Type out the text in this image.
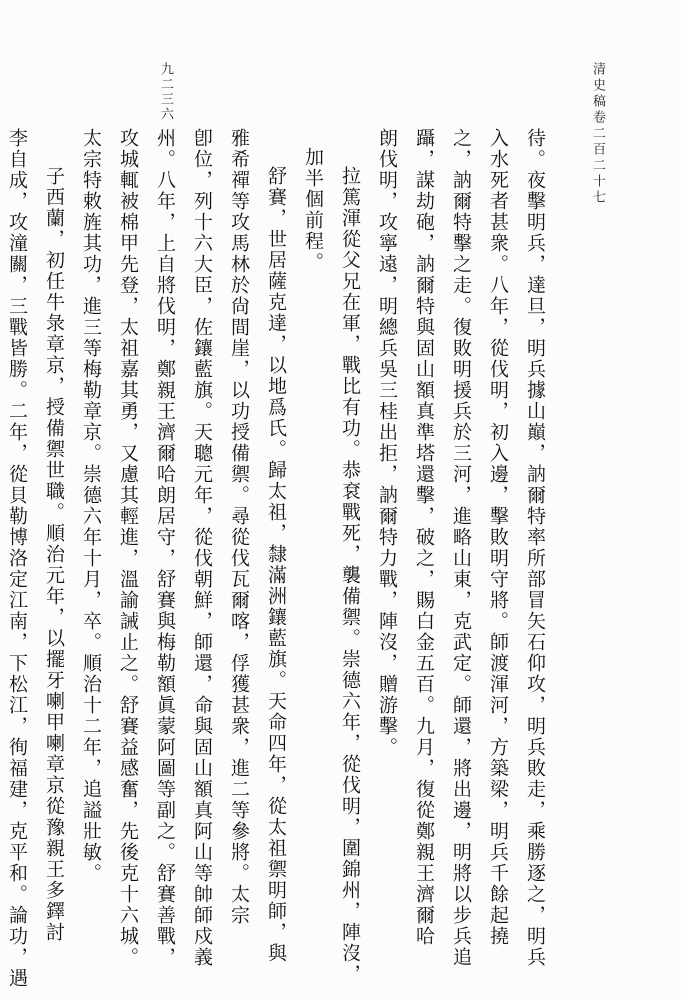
清史稿卷二百二十七
九二三六

待。夜擊明兵，達旦，明兵據山巔，訥爾特率所部冒矢石仰攻，明兵敗走，乘勝逐之，明兵

入水死者甚衆。八年，從伐明，初入邊，擊敗明守將。師渡渾河，方築梁，明兵千餘起撓

之，訥爾特擊之走。復敗明援兵於三河，進略山東，克武定。師還，將出邊，明將以步兵追

躡，謀劫砲，訥爾特與固山額真準塔還擊，破之，賜白金五百。九月，復從鄭親王濟爾哈

朗伐明，攻寧遠，明總兵吳三桂出拒，訥爾特力戰，陣沒，贈游擊。

拉篤渾從父兄在軍，戰比有功。恭袞戰死，襲備禦。崇德六年，從伐明，圍錦州，陣沒，

加半個前程。

舒賽，世居薩克達，以地爲氏。歸太祖，隸滿洲鑲藍旗。天命四年，從太祖禦明師，與

雅希禪等攻馬林於尙間崖，以功授備禦。尋從伐瓦爾喀，俘獲甚衆，進二等參將。太宗

卽位，列十六大臣，佐鑲藍旗。天聰元年，從伐朝鮮，師還，命與固山額真阿山等帥師戍義

州。八年，上自將伐明，鄭親王濟爾哈朗居守，舒賽與梅勒額眞蒙阿圖等副之。舒賽善戰，

攻城輒被棉甲先登，太祖嘉其勇，又慮其輕進，溫諭誡止之。舒賽益感奮，先後克十六城。

太宗特敕旌其功，進三等梅勒章京。崇德六年十月，卒。順治十二年，追謚壯敏。

子西蘭，初任牛彔章京，授備禦世職。順治元年，以擺牙喇甲喇章京從豫親王多鐸討

李自成，攻潼關，三戰皆勝。二年，從貝勒博洛定江南，下松江，徇福建，克平和。論功，遇
